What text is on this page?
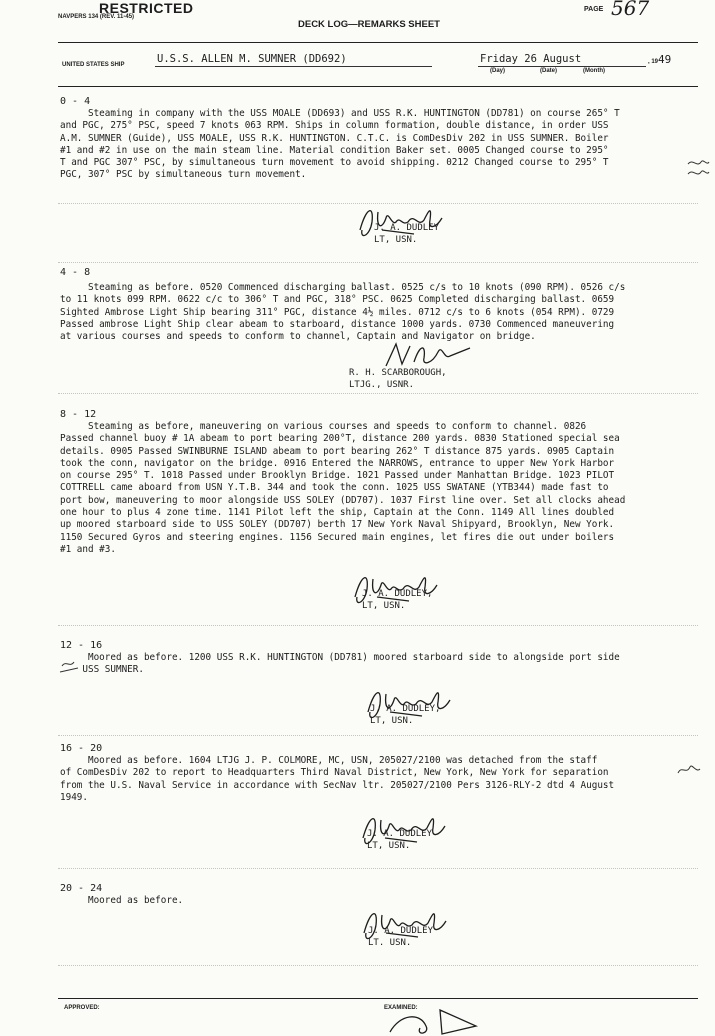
RESTRICTED
NAVPERS 134 (REV. 11-45)
DECK LOG—REMARKS SHEET
PAGE 567
UNITED STATES SHIP	U.S.S. ALLEN M. SUMNER (DD692)	Friday 26 August
(Day)	(Date)	(Month)
, 19 49
0 - 4
Steaming in company with the USS MOALE (DD693) and USS R.K. HUNTINGTON (DD781) on course 265° T
and PGC, 275° PSC, speed 7 knots 063 RPM. Ships in column formation, double distance, in order USS
A.M. SUMNER (Guide), USS MOALE, USS R.K. HUNTINGTON. C.T.C. is ComDesDiv 202 in USS SUMNER. Boiler
#1 and #2 in use on the main steam line. Material condition Baker set. 0005 Changed course to 295°
T and PGC 307° PSC, by simultaneous turn movement to avoid shipping. 0212 Changed course to 295° T
PGC, 307° PSC by simultaneous turn movement.
J. A. DUDLEY
LT, USN.
4 - 8
Steaming as before. 0520 Commenced discharging ballast. 0525 c/s to 10 knots (090 RPM). 0526 c/s
to 11 knots 099 RPM. 0622 c/c to 306° T and PGC, 318° PSC. 0625 Completed discharging ballast. 0659
Sighted Ambrose Light Ship bearing 311° PGC, distance 4½ miles. 0712 c/s to 6 knots (054 RPM). 0729
Passed ambrose Light Ship clear abeam to starboard, distance 1000 yards. 0730 Commenced maneuvering
at various courses and speeds to conform to channel, Captain and Navigator on bridge.
R. H. SCARBOROUGH,
LTJG., USNR.
8 - 12
Steaming as before, maneuvering on various courses and speeds to conform to channel. 0826
Passed channel buoy # 1A abeam to port bearing 200°T, distance 200 yards. 0830 Stationed special sea
details. 0905 Passed SWINBURNE ISLAND abeam to port bearing 262° T distance 875 yards. 0905 Captain
took the conn, navigator on the bridge. 0916 Entered the NARROWS, entrance to upper New York Harbor
on course 295° T. 1018 Passed under Brooklyn Bridge. 1021 Passed under Manhattan Bridge. 1023 PILOT
COTTRELL came aboard from USN Y.T.B. 344 and took the conn. 1025 USS SWATANE (YTB344) made fast to
port bow, maneuvering to moor alongside USS SOLEY (DD707). 1037 First line over. Set all clocks ahead
one hour to plus 4 zone time. 1141 Pilot left the ship, Captain at the Conn. 1149 All lines doubled
up moored starboard side to USS SOLEY (DD707) berth 17 New York Naval Shipyard, Brooklyn, New York.
1150 Secured Gyros and steering engines. 1156 Secured main engines, let fires die out under boilers
#1 and #3.
J. A. DUDLEY,
LT, USN.
12 - 16
Moored as before. 1200 USS R.K. HUNTINGTON (DD781) moored starboard side to alongside port side
USS SUMNER.
J. A. DUDLEY,
LT, USN.
16 - 20
Moored as before. 1604 LTJG J. P. COLMORE, MC, USN, 205027/2100 was detached from the staff
of ComDesDiv 202 to report to Headquarters Third Naval District, New York, New York for separation
from the U.S. Naval Service in accordance with SecNav ltr. 205027/2100 Pers 3126-RLY-2 dtd 4 August
1949.
J. A. DUDLEY
LT, USN.
20 - 24
Moored as before.
J. A. DUDLEY
LT. USN.
APPROVED:	EXAMINED:
